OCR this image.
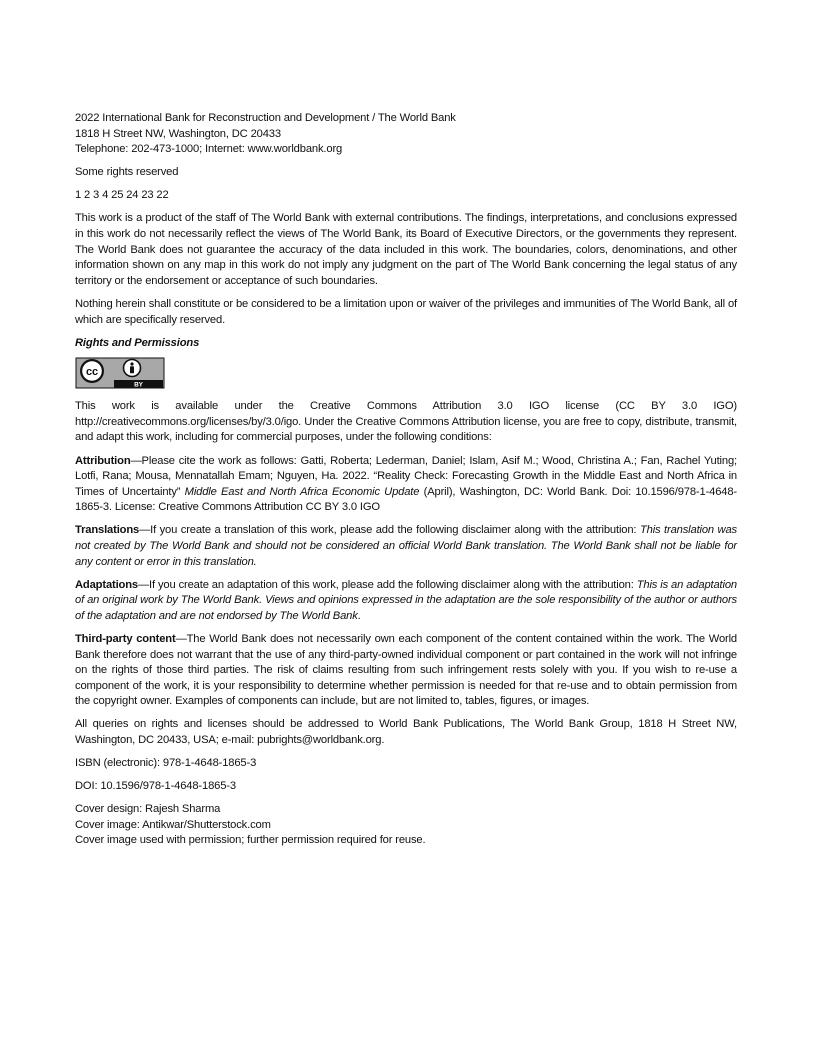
2022 International Bank for Reconstruction and Development / The World Bank
1818 H Street NW, Washington, DC 20433
Telephone: 202-473-1000; Internet: www.worldbank.org

Some rights reserved

1 2 3 4 25 24 23 22

This work is a product of the staff of The World Bank with external contributions. The findings, interpretations, and conclusions expressed in this work do not necessarily reflect the views of The World Bank, its Board of Executive Directors, or the governments they represent. The World Bank does not guarantee the accuracy of the data included in this work. The boundaries, colors, denominations, and other information shown on any map in this work do not imply any judgment on the part of The World Bank concerning the legal status of any territory or the endorsement or acceptance of such boundaries.

Nothing herein shall constitute or be considered to be a limitation upon or waiver of the privileges and immunities of The World Bank, all of which are specifically reserved.

Rights and Permissions

cc
BY

This work is available under the Creative Commons Attribution 3.0 IGO license (CC BY 3.0 IGO) http://creativecommons.org/licenses/by/3.0/igo. Under the Creative Commons Attribution license, you are free to copy, distribute, transmit, and adapt this work, including for commercial purposes, under the following conditions:

Attribution—Please cite the work as follows: Gatti, Roberta; Lederman, Daniel; Islam, Asif M.; Wood, Christina A.; Fan, Rachel Yuting; Lotfi, Rana; Mousa, Mennatallah Emam; Nguyen, Ha. 2022. “Reality Check: Forecasting Growth in the Middle East and North Africa in Times of Uncertainty” Middle East and North Africa Economic Update (April), Washington, DC: World Bank. Doi: 10.1596/978-1-4648-1865-3. License: Creative Commons Attribution CC BY 3.0 IGO

Translations—If you create a translation of this work, please add the following disclaimer along with the attribution: This translation was not created by The World Bank and should not be considered an official World Bank translation. The World Bank shall not be liable for any content or error in this translation.

Adaptations—If you create an adaptation of this work, please add the following disclaimer along with the attribution: This is an adaptation of an original work by The World Bank. Views and opinions expressed in the adaptation are the sole responsibility of the author or authors of the adaptation and are not endorsed by The World Bank.

Third-party content—The World Bank does not necessarily own each component of the content contained within the work. The World Bank therefore does not warrant that the use of any third-party-owned individual component or part contained in the work will not infringe on the rights of those third parties. The risk of claims resulting from such infringement rests solely with you. If you wish to re-use a component of the work, it is your responsibility to determine whether permission is needed for that re-use and to obtain permission from the copyright owner. Examples of components can include, but are not limited to, tables, figures, or images.

All queries on rights and licenses should be addressed to World Bank Publications, The World Bank Group, 1818 H Street NW, Washington, DC 20433, USA; e-mail: pubrights@worldbank.org.

ISBN (electronic): 978-1-4648-1865-3

DOI: 10.1596/978-1-4648-1865-3

Cover design: Rajesh Sharma
Cover image: Antikwar/Shutterstock.com
Cover image used with permission; further permission required for reuse.
